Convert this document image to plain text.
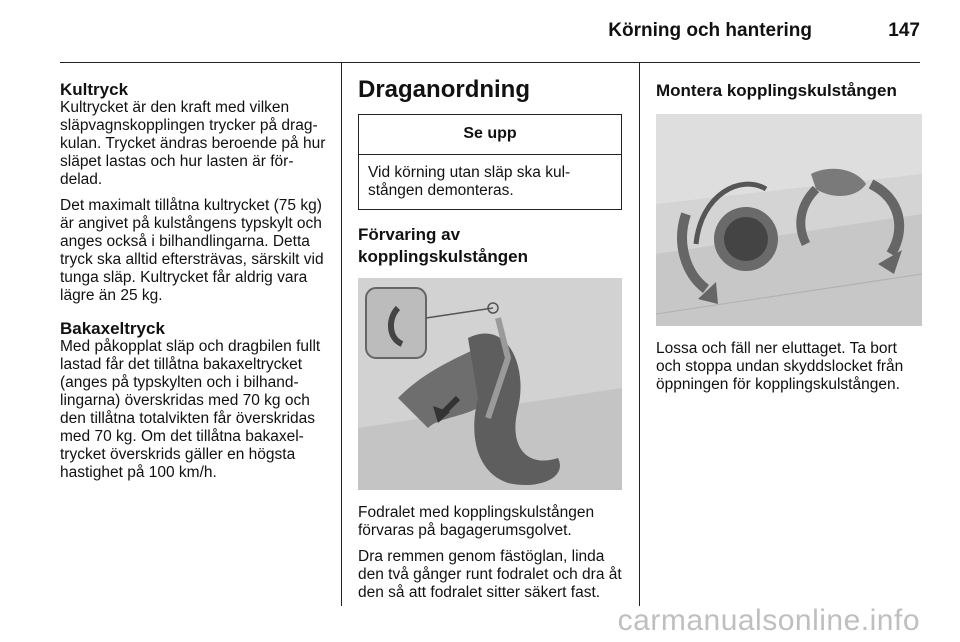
Körning och hantering	147
Kultryck

Kultrycket är den kraft med vilken släpvagnskopplingen trycker på dragkulan. Trycket ändras beroende på hur släpet lastas och hur lasten är fördelad.

Det maximalt tillåtna kultrycket (75 kg) är angivet på kulstångens typskylt och anges också i bilhandlingarna. Detta tryck ska alltid eftersträvas, särskilt vid tunga släp. Kultrycket får aldrig vara lägre än 25 kg.

Bakaxeltryck

Med påkopplat släp och dragbilen fullt lastad får det tillåtna bakaxeltrycket (anges på typskylten och i bilhandlingarna) överskridas med 70 kg och den tillåtna totalvikten får överskridas med 70 kg. Om det tillåtna bakaxeltrycket överskrids gäller en högsta hastighet på 100 km/h.

Draganordning
Se upp
Vid körning utan släp ska kulstången demonteras.
Förvaring av kopplingskulstången

Fodralet med kopplingskulstången förvaras på bagagerumsgolvet.

Dra remmen genom fästöglan, linda den två gånger runt fodralet och dra åt den så att fodralet sitter säkert fast.

Montera kopplingskulstången

Lossa och fäll ner eluttaget. Ta bort och stoppa undan skyddslocket från öppningen för kopplingskulstången.

carmanualsonline.info
